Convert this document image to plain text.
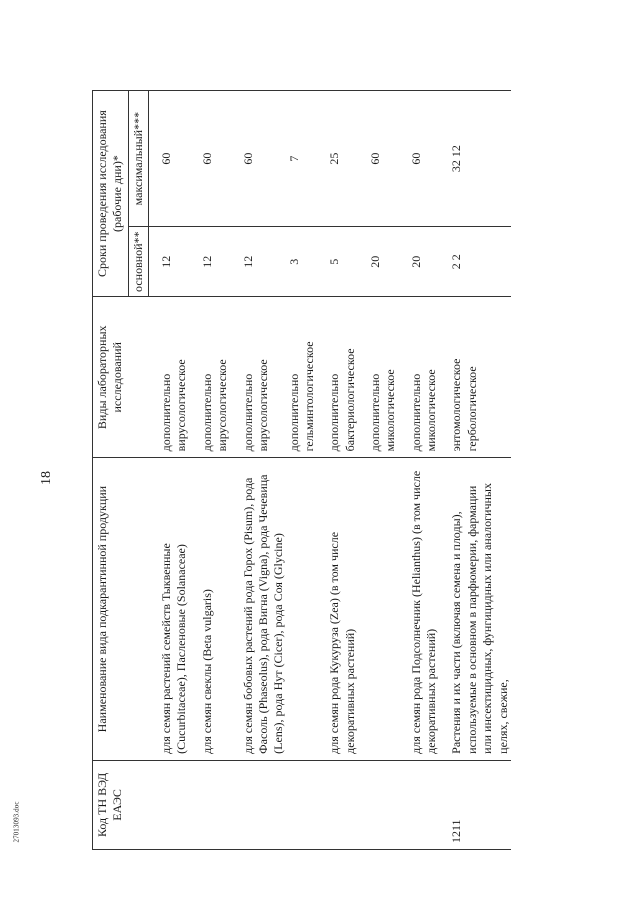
18
27013093.doc	Код ТН ВЭД ЕАЭС	Наименование вида подкарантинной продукции	Виды лабораторных исследований	Сроки проведения исследования (рабочие дни)*	
			основной**	максимальный***

	для семян растений семейств Тыквенные (Cucurbitaceae), Пасленовые (Solanaceae)	дополнительно вирусологическое	12	60

	для семян свеклы (Beta vulgaris)	дополнительно вирусологическое	12	60

	для семян бобовых растений рода Горох (Pisum), рода Фасоль (Phaseolus), рода Вигна (Vigna), рода Чечевица (Lens), рода Нут (Cicer), рода Соя (Glycine)	дополнительно вирусологическое	12	60
		дополнительно гельминтологическое	3	7

	для семян рода Кукуруза (Zea) (в том числе декоративных растений)	дополнительно бактериологическое	5	25

		дополнительно микологическое	20	60

	для семян рода Подсолнечник (Helianthus) (в том числе декоративных растений)	дополнительно микологическое	20	60

1211	Растения и их части (включая семена и плоды), используемые в основном в парфюмерии, фармации или инсектицидных, фунгицидных или аналогичных целях, свежие,	энтомологическое гербологическое	2 2	32 12
